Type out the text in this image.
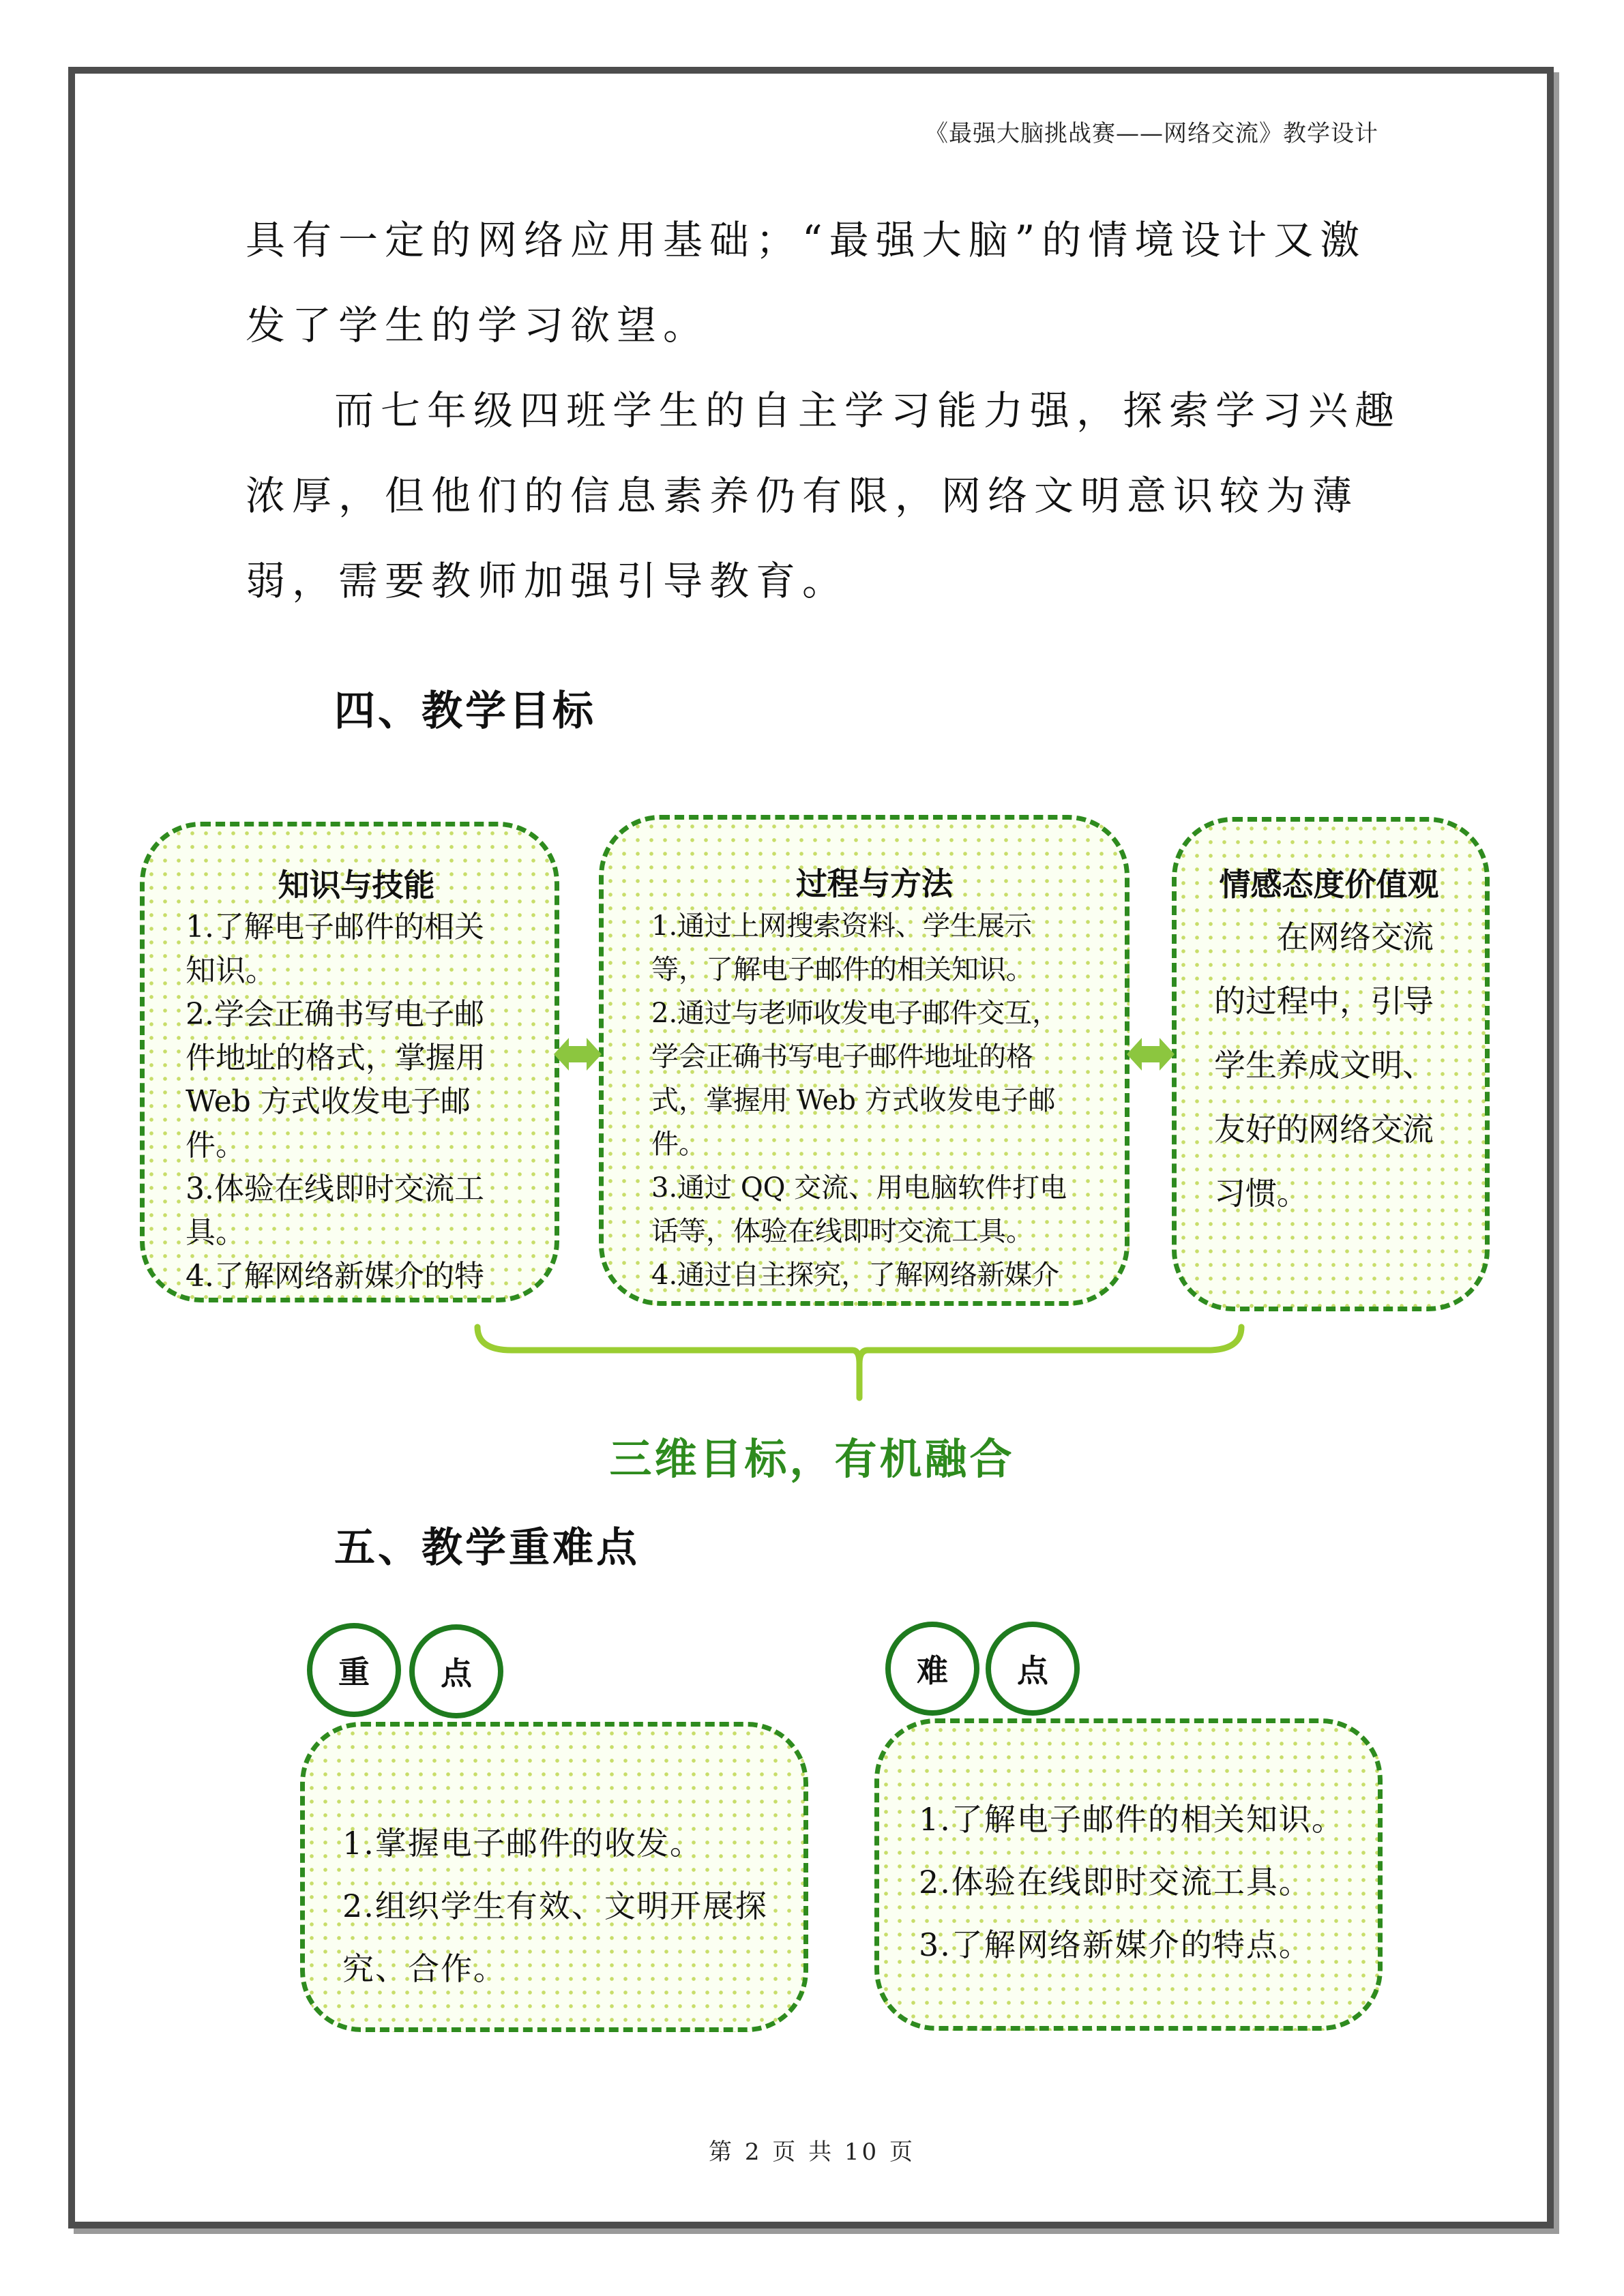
《最强大脑挑战赛——网络交流》教学设计

具有一定的网络应用基础；“最强大脑”的情境设计又激

发了学生的学习欲望。

而七年级四班学生的自主学习能力强，探索学习兴趣

浓厚，但他们的信息素养仍有限，网络文明意识较为薄

弱，需要教师加强引导教育。

四、教学目标

知识与技能

1.了解电子邮件的相关
知识。
2.学会正确书写电子邮
件地址的格式，掌握用
Web 方式收发电子邮
件。
3.体验在线即时交流工
具。
4.了解网络新媒介的特

过程与方法

1.通过上网搜索资料、学生展示
等，了解电子邮件的相关知识。
2.通过与老师收发电子邮件交互，
学会正确书写电子邮件地址的格
式，掌握用 Web 方式收发电子邮
件。
3.通过 QQ 交流、用电脑软件打电
话等，体验在线即时交流工具。
4.通过自主探究，了解网络新媒介

情感态度价值观

在网络交流的过程中，引导学生养成文明、友好的网络交流习惯。

三维目标，有机融合
五、教学重难点
重	点

1.掌握电子邮件的收发。

2.组织学生有效、文明开展探

究、合作。

难	点

1.了解电子邮件的相关知识。

2.体验在线即时交流工具。

3.了解网络新媒介的特点。

第 2 页 共 10 页
